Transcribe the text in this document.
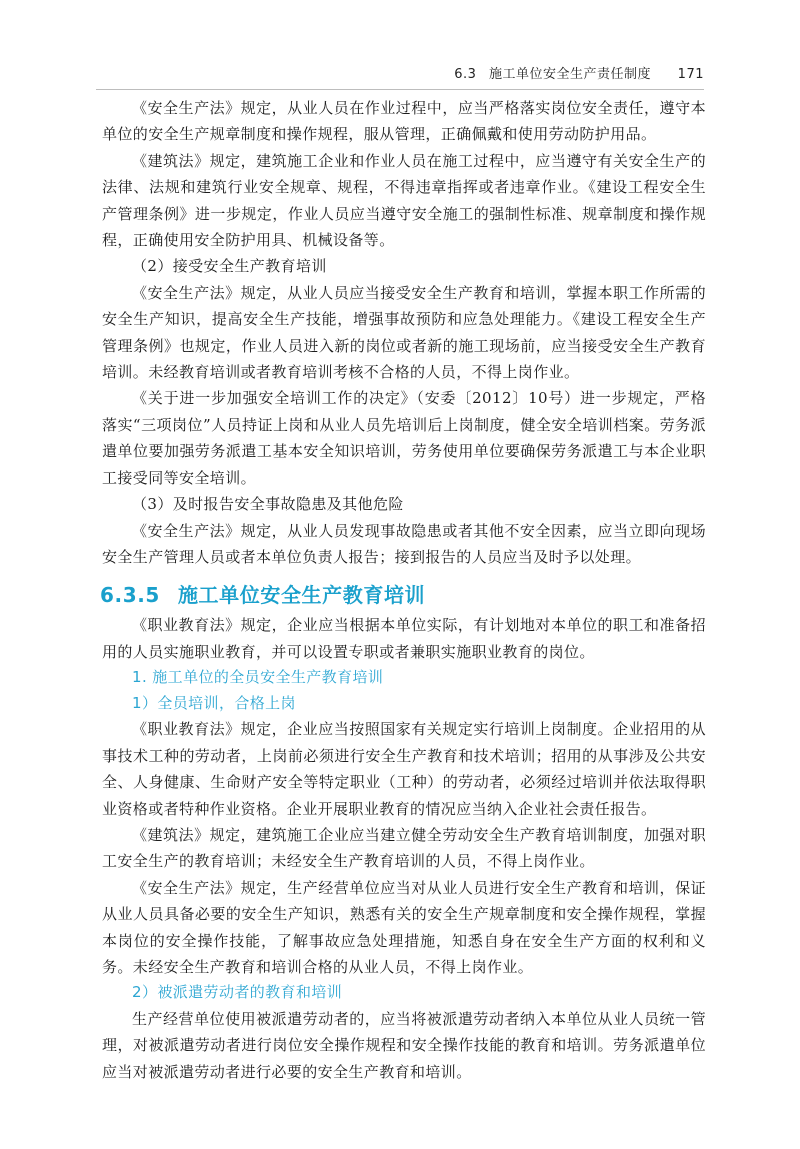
6.3 施工单位安全生产责任制度 171

《安全生产法》规定，从业人员在作业过程中，应当严格落实岗位安全责任，遵守本单位的安全生产规章制度和操作规程，服从管理，正确佩戴和使用劳动防护用品。

《建筑法》规定，建筑施工企业和作业人员在施工过程中，应当遵守有关安全生产的法律、法规和建筑行业安全规章、规程，不得违章指挥或者违章作业。《建设工程安全生产管理条例》进一步规定，作业人员应当遵守安全施工的强制性标准、规章制度和操作规程，正确使用安全防护用具、机械设备等。

（2）接受安全生产教育培训

《安全生产法》规定，从业人员应当接受安全生产教育和培训，掌握本职工作所需的安全生产知识，提高安全生产技能，增强事故预防和应急处理能力。《建设工程安全生产管理条例》也规定，作业人员进入新的岗位或者新的施工现场前，应当接受安全生产教育培训。未经教育培训或者教育培训考核不合格的人员，不得上岗作业。

《关于进一步加强安全培训工作的决定》（安委〔2012〕10号）进一步规定，严格落实“三项岗位”人员持证上岗和从业人员先培训后上岗制度，健全安全培训档案。劳务派遣单位要加强劳务派遣工基本安全知识培训，劳务使用单位要确保劳务派遣工与本企业职工接受同等安全培训。

（3）及时报告安全事故隐患及其他危险

《安全生产法》规定，从业人员发现事故隐患或者其他不安全因素，应当立即向现场安全生产管理人员或者本单位负责人报告；接到报告的人员应当及时予以处理。

6.3.5 施工单位安全生产教育培训

《职业教育法》规定，企业应当根据本单位实际，有计划地对本单位的职工和准备招用的人员实施职业教育，并可以设置专职或者兼职实施职业教育的岗位。

1. 施工单位的全员安全生产教育培训

1）全员培训，合格上岗

《职业教育法》规定，企业应当按照国家有关规定实行培训上岗制度。企业招用的从事技术工种的劳动者，上岗前必须进行安全生产教育和技术培训；招用的从事涉及公共安全、人身健康、生命财产安全等特定职业（工种）的劳动者，必须经过培训并依法取得职业资格或者特种作业资格。企业开展职业教育的情况应当纳入企业社会责任报告。

《建筑法》规定，建筑施工企业应当建立健全劳动安全生产教育培训制度，加强对职工安全生产的教育培训；未经安全生产教育培训的人员，不得上岗作业。

《安全生产法》规定，生产经营单位应当对从业人员进行安全生产教育和培训，保证从业人员具备必要的安全生产知识，熟悉有关的安全生产规章制度和安全操作规程，掌握本岗位的安全操作技能，了解事故应急处理措施，知悉自身在安全生产方面的权利和义务。未经安全生产教育和培训合格的从业人员，不得上岗作业。

2）被派遣劳动者的教育和培训

生产经营单位使用被派遣劳动者的，应当将被派遣劳动者纳入本单位从业人员统一管理，对被派遣劳动者进行岗位安全操作规程和安全操作技能的教育和培训。劳务派遣单位应当对被派遣劳动者进行必要的安全生产教育和培训。
